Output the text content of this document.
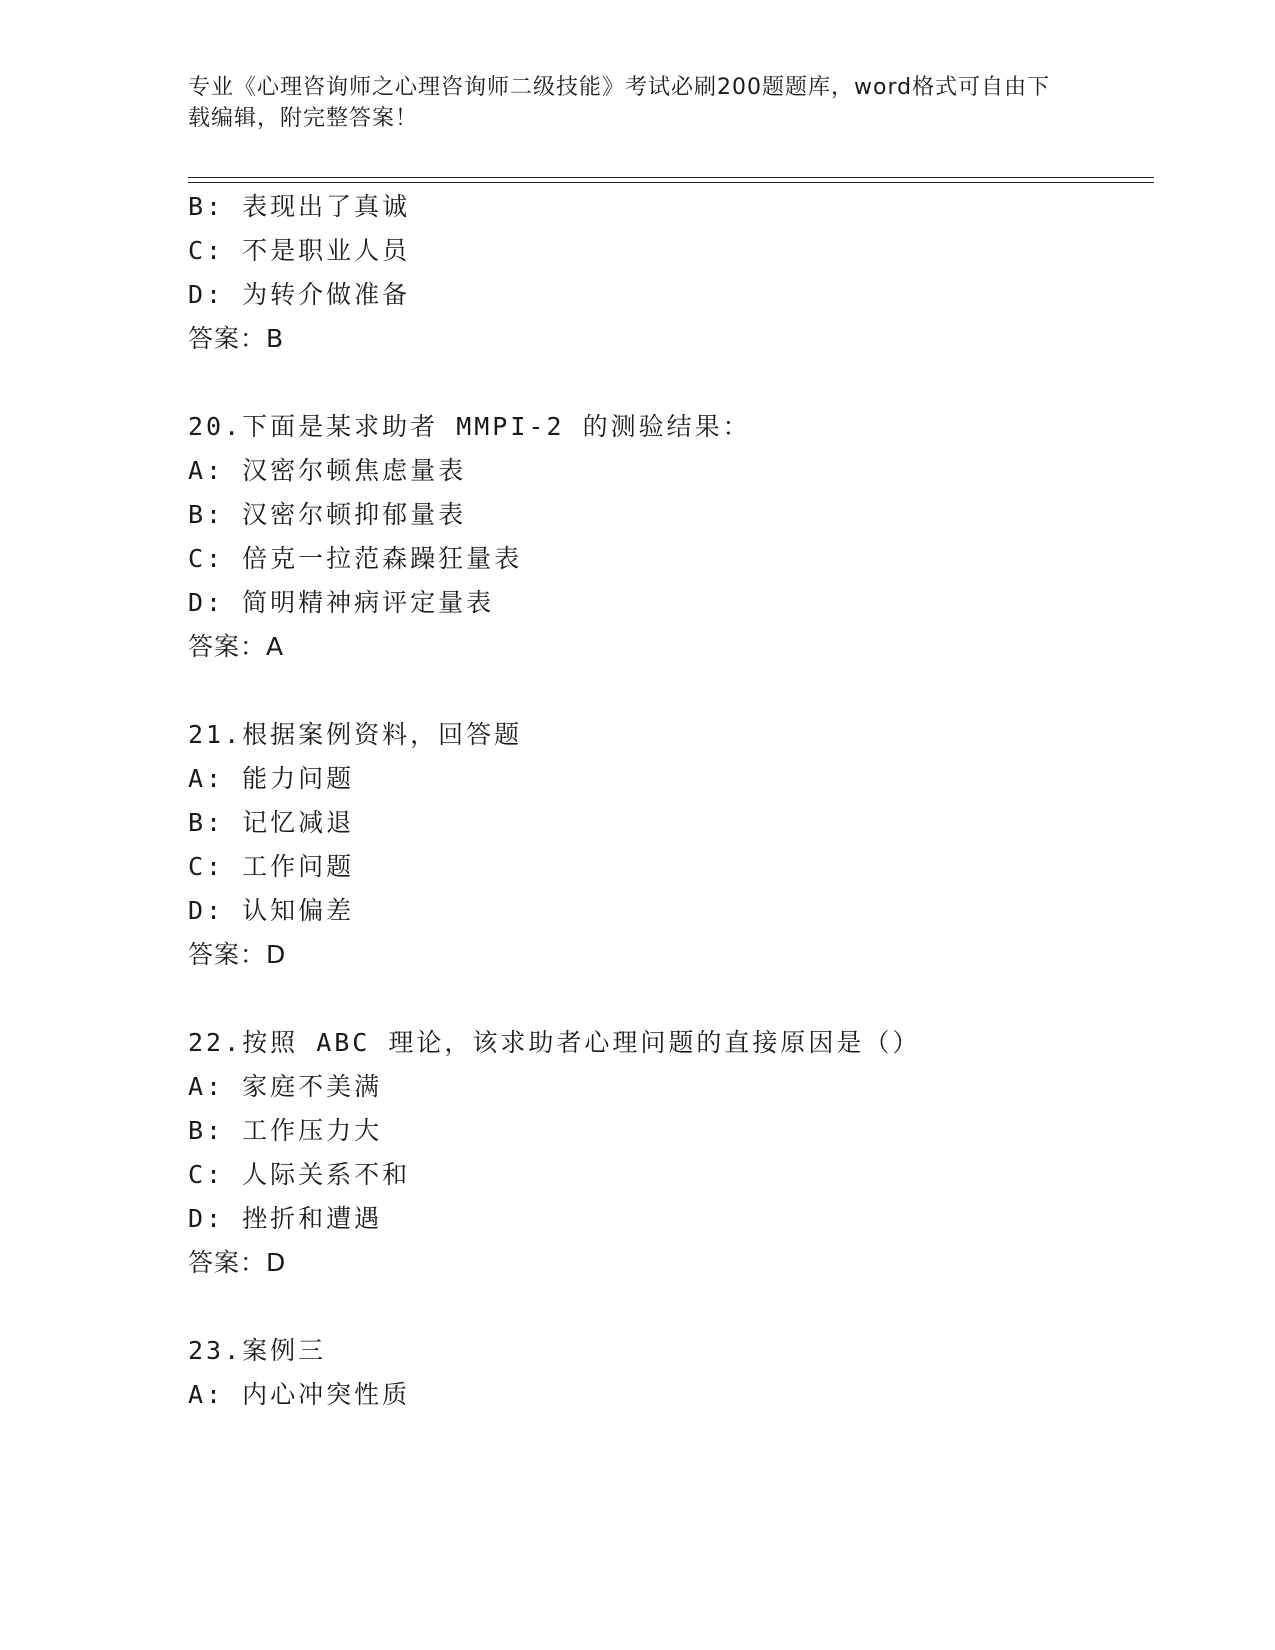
专业《心理咨询师之心理咨询师二级技能》考试必刷200题题库，word格式可自由下载编辑，附完整答案！
B: 表现出了真诚
C: 不是职业人员
D: 为转介做准备
答案：B
20.下面是某求助者 MMPI-2 的测验结果：
A: 汉密尔顿焦虑量表
B: 汉密尔顿抑郁量表
C: 倍克一拉范森躁狂量表
D: 简明精神病评定量表
答案：A
21.根据案例资料，回答题
A: 能力问题
B: 记忆减退
C: 工作问题
D: 认知偏差
答案：D
22.按照 ABC 理论，该求助者心理问题的直接原因是（）
A: 家庭不美满
B: 工作压力大
C: 人际关系不和
D: 挫折和遭遇
答案：D
23.案例三
A: 内心冲突性质
